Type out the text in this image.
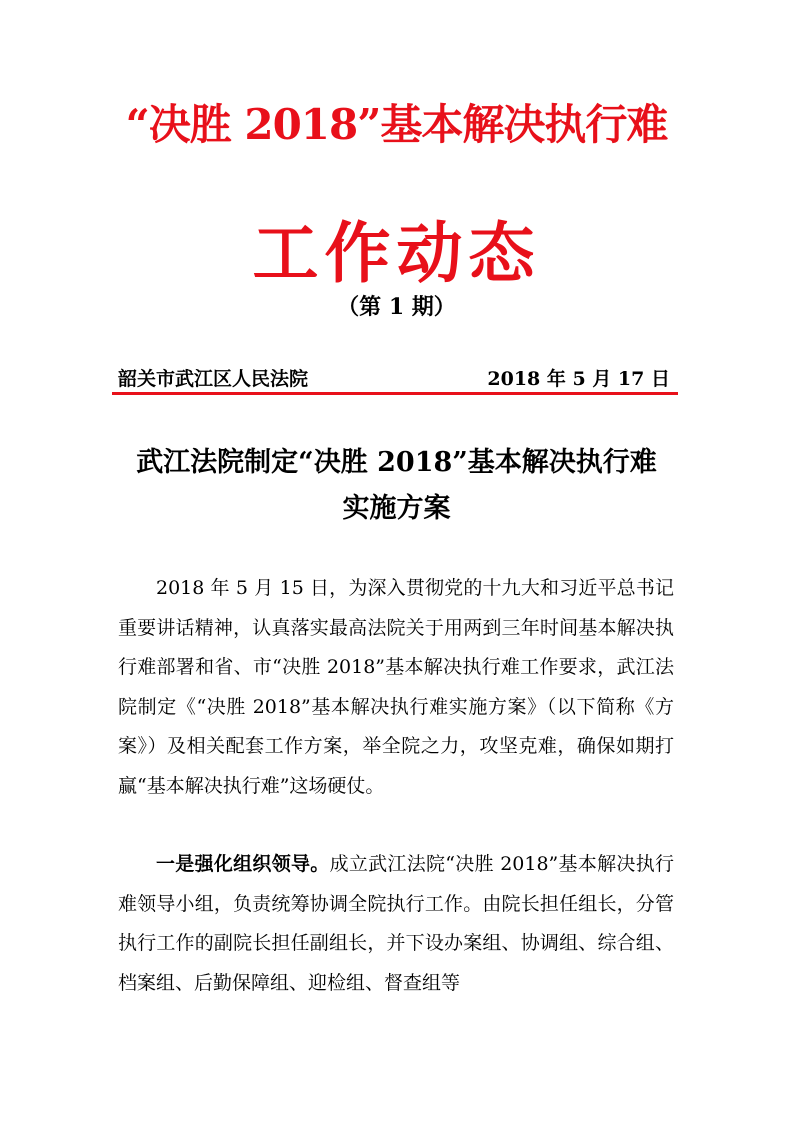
“决胜 2018”基本解决执行难
工作动态
（第 1 期）
韶关市武江区人民法院	2018 年 5 月 17 日
武江法院制定“决胜 2018”基本解决执行难
实施方案
2018 年 5 月 15 日，为深入贯彻党的十九大和习近平总书记重要讲话精神，认真落实最高法院关于用两到三年时间基本解决执行难部署和省、市“决胜 2018”基本解决执行难工作要求，武江法院制定《“决胜 2018”基本解决执行难实施方案》（以下简称《方案》）及相关配套工作方案，举全院之力，攻坚克难，确保如期打赢“基本解决执行难”这场硬仗。
一是强化组织领导。成立武江法院“决胜 2018”基本解决执行难领导小组，负责统筹协调全院执行工作。由院长担任组长，分管执行工作的副院长担任副组长，并下设办案组、协调组、综合组、档案组、后勤保障组、迎检组、督查组等
